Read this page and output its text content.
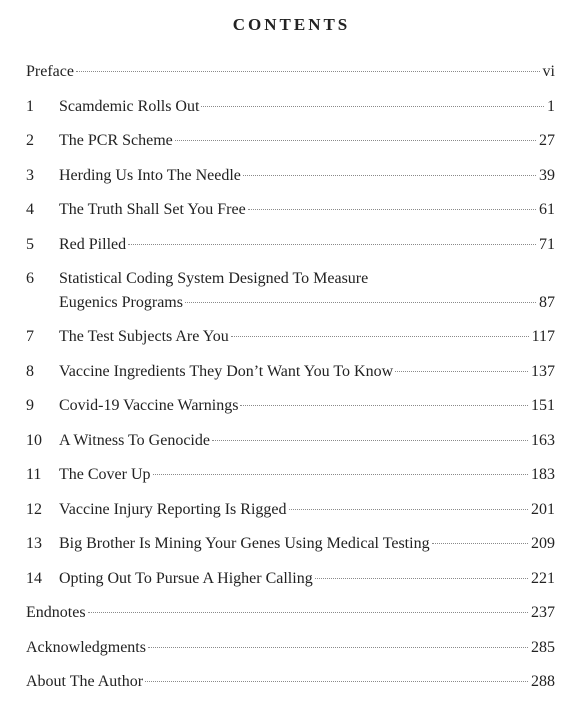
CONTENTS
Preface	vi
1	Scamdemic Rolls Out	1
2	The PCR Scheme	27
3	Herding Us Into The Needle	39
4	The Truth Shall Set You Free	61
5	Red Pilled	71
6	Statistical Coding System Designed To Measure
Eugenics Programs	87
7	The Test Subjects Are You	117
8	Vaccine Ingredients They Don’t Want You To Know	137
9	Covid-19 Vaccine Warnings	151
10	A Witness To Genocide	163
11	The Cover Up	183
12	Vaccine Injury Reporting Is Rigged	201
13	Big Brother Is Mining Your Genes Using Medical Testing	209
14	Opting Out To Pursue A Higher Calling	221
Endnotes	237
Acknowledgments	285
About The Author	288
